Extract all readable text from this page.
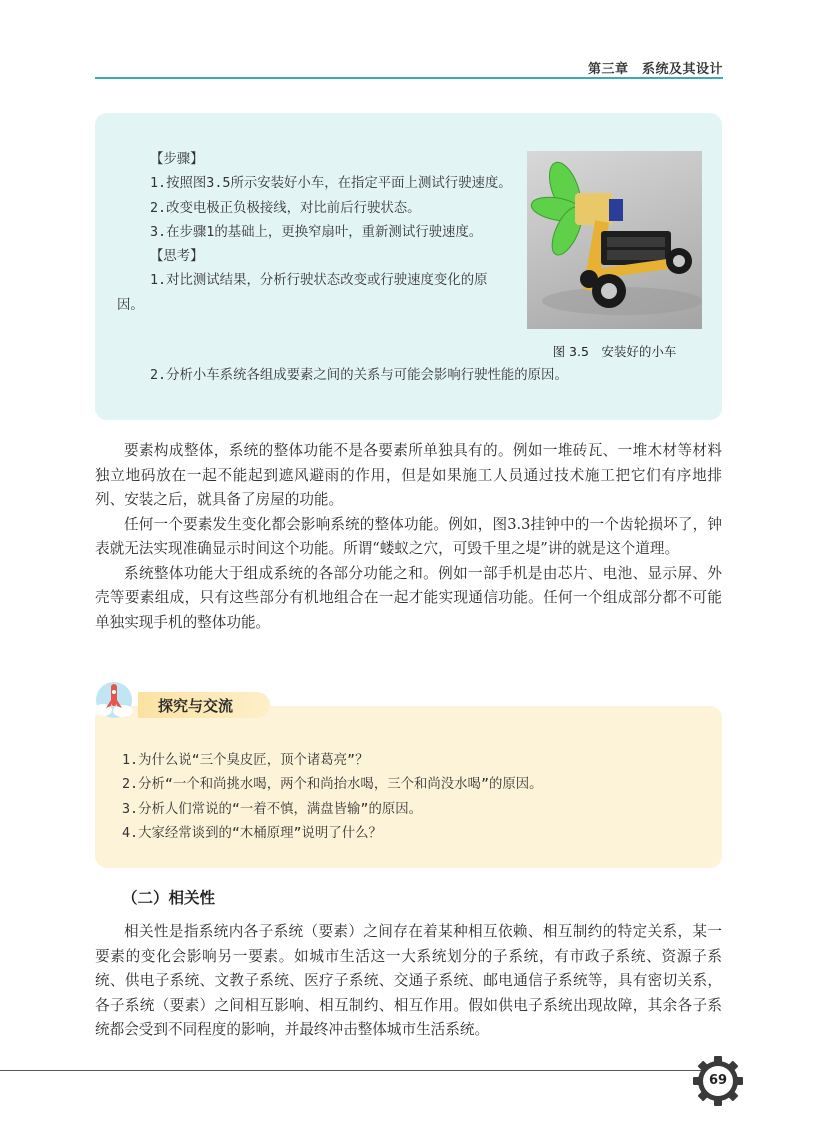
第三章　系统及其设计

【步骤】

1.按照图3.5所示安装好小车，在指定平面上测试行驶速度。

2.改变电极正负极接线，对比前后行驶状态。

3.在步骤1的基础上，更换窄扇叶，重新测试行驶速度。

【思考】

1.对比测试结果，分析行驶状态改变或行驶速度变化的原因。

图 3.5　安装好的小车
2.分析小车系统各组成要素之间的关系与可能会影响行驶性能的原因。

要素构成整体，系统的整体功能不是各要素所单独具有的。例如一堆砖瓦、一堆木材等材料独立地码放在一起不能起到遮风避雨的作用，但是如果施工人员通过技术施工把它们有序地排列、安装之后，就具备了房屋的功能。

任何一个要素发生变化都会影响系统的整体功能。例如，图3.3挂钟中的一个齿轮损坏了，钟表就无法实现准确显示时间这个功能。所谓“蝼蚁之穴，可毁千里之堤”讲的就是这个道理。

系统整体功能大于组成系统的各部分功能之和。例如一部手机是由芯片、电池、显示屏、外壳等要素组成，只有这些部分有机地组合在一起才能实现通信功能。任何一个组成部分都不可能单独实现手机的整体功能。

探究与交流
1.为什么说“三个臭皮匠，顶个诸葛亮”？
2.分析“一个和尚挑水喝，两个和尚抬水喝，三个和尚没水喝”的原因。
3.分析人们常说的“一着不慎，满盘皆输”的原因。
4.大家经常谈到的“木桶原理”说明了什么？
（二）相关性

相关性是指系统内各子系统（要素）之间存在着某种相互依赖、相互制约的特定关系，某一要素的变化会影响另一要素。如城市生活这一大系统划分的子系统，有市政子系统、资源子系统、供电子系统、文教子系统、医疗子系统、交通子系统、邮电通信子系统等，具有密切关系，各子系统（要素）之间相互影响、相互制约、相互作用。假如供电子系统出现故障，其余各子系统都会受到不同程度的影响，并最终冲击整体城市生活系统。

69
